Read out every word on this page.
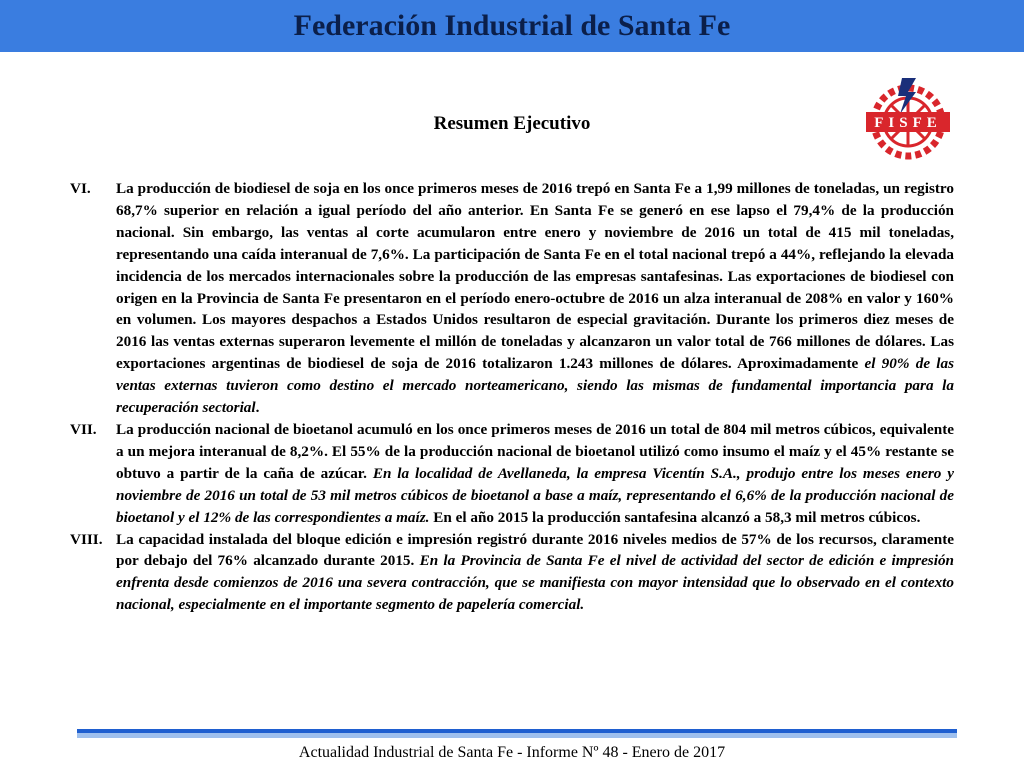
Federación Industrial de Santa Fe
FISFE
Resumen Ejecutivo
VI.	La producción de biodiesel de soja en los once primeros meses de 2016 trepó en Santa Fe a 1,99 millones de toneladas, un registro 68,7% superior en relación a igual período del año anterior. En Santa Fe se generó en ese lapso el 79,4% de la producción nacional. Sin embargo, las ventas al corte acumularon entre enero y noviembre de 2016 un total de 415 mil toneladas, representando una caída interanual de 7,6%. La participación de Santa Fe en el total nacional trepó a 44%, reflejando la elevada incidencia de los mercados internacionales sobre la producción de las empresas santafesinas. Las exportaciones de biodiesel con origen en la Provincia de Santa Fe presentaron en el período enero-octubre de 2016 un alza interanual de 208% en valor y 160% en volumen. Los mayores despachos a Estados Unidos resultaron de especial gravitación. Durante los primeros diez meses de 2016 las ventas externas superaron levemente el millón de toneladas y alcanzaron un valor total de 766 millones de dólares. Las exportaciones argentinas de biodiesel de soja de 2016 totalizaron 1.243 millones de dólares. Aproximadamente el 90% de las ventas externas tuvieron como destino el mercado norteamericano, siendo las mismas de fundamental importancia para la recuperación sectorial.

VII.	La producción nacional de bioetanol acumuló en los once primeros meses de 2016 un total de 804 mil metros cúbicos, equivalente a un mejora interanual de 8,2%. El 55% de la producción nacional de bioetanol utilizó como insumo el maíz y el 45% restante se obtuvo a partir de la caña de azúcar. En la localidad de Avellaneda, la empresa Vicentín S.A., produjo entre los meses enero y noviembre de 2016 un total de 53 mil metros cúbicos de bioetanol a base a maíz, representando el 6,6% de la producción nacional de bioetanol y el 12% de las correspondientes a maíz. En el año 2015 la producción santafesina alcanzó a 58,3 mil metros cúbicos.

VIII. La capacidad instalada del bloque edición e impresión registró durante 2016 niveles medios de 57% de los recursos, claramente por debajo del 76% alcanzado durante 2015. En la Provincia de Santa Fe el nivel de actividad del sector de edición e impresión enfrenta desde comienzos de 2016 una severa contracción, que se manifiesta con mayor intensidad que lo observado en el contexto nacional, especialmente en el importante segmento de papelería comercial.

Actualidad Industrial de Santa Fe - Informe Nº 48 - Enero de 2017
